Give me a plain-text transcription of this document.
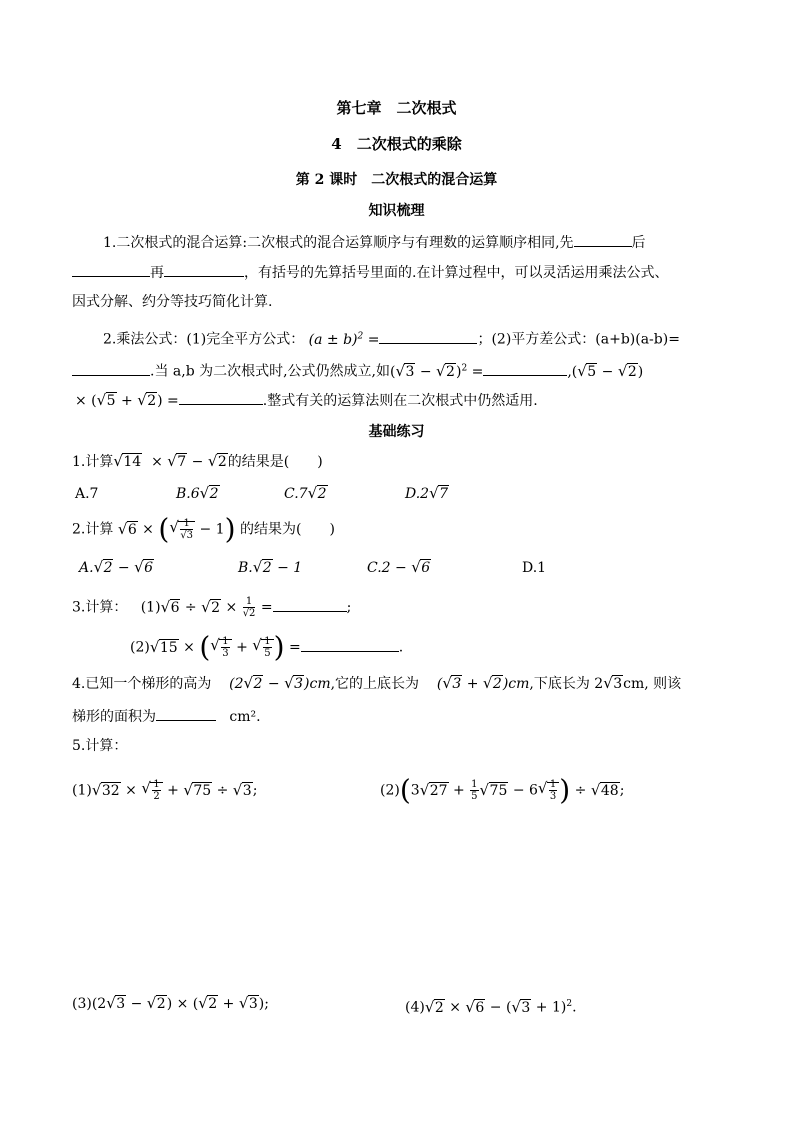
第七章　二次根式
4　二次根式的乘除
第 2 课时　二次根式的混合运算
知识梳理
1.二次根式的混合运算:二次根式的混合运算顺序与有理数的运算顺序相同,先	后
再	，有括号的先算括号里面的.在计算过程中，可以灵活运用乘法公式、
因式分解、约分等技巧简化计算.
2.乘法公式：(1)完全平方公式： $(a \pm b)^2$ =	；(2)平方差公式：(a+b)(a-b)=
.当 a,b 为二次根式时,公式仍然成立,如( √ 3 − √ 2)$^2$ =	,( √ 5 − √ 2)
× ( √ 5 + √ 2) =	.整式有关的运算法则在二次根式中仍然适用.
基础练习
1.计算 √ 14  × √ 7 − √ 2的结果是(　　)
A.7	B.6 √ 2	C.7 √ 2	D.2 √ 7
2.计算 √ 6 × ( √ $\frac{1}{√3} - 1$) 的结果为(　　)
A. √ 2 − √ 6	B. √ 2 − 1	C.2 − √ 6	D.1
3.计算： (1) √ 6 ÷ √ $2 \times \frac{1}{√2}$ =	;
(2) √ 15 × ( √ $\frac{1}{3}$ + √ $\frac{1}{5}$ ) =	.
4.已知一个梯形的高为 (2 √ 2 − √ 3)cm,它的上底长为 ( √ 3 + √ 2)cm,下底长为 2 √ 3cm, 则该
梯形的面积为	cm².
5.计算：
(1) √ 32 × √ $\frac{1}{2}$ + √ 75 ÷ √ 3;	(2)(3 √ $27 + \frac{1}{5}$ √ 75 − 6 √ $\frac{1}{3}$ ) ÷ √ 48;
(3)(2 √ 3 − √ 2) × ( √ 2 + √ 3);	(4) √ 2 × √ 6 − ( √ 3 + 1)$^2$.
